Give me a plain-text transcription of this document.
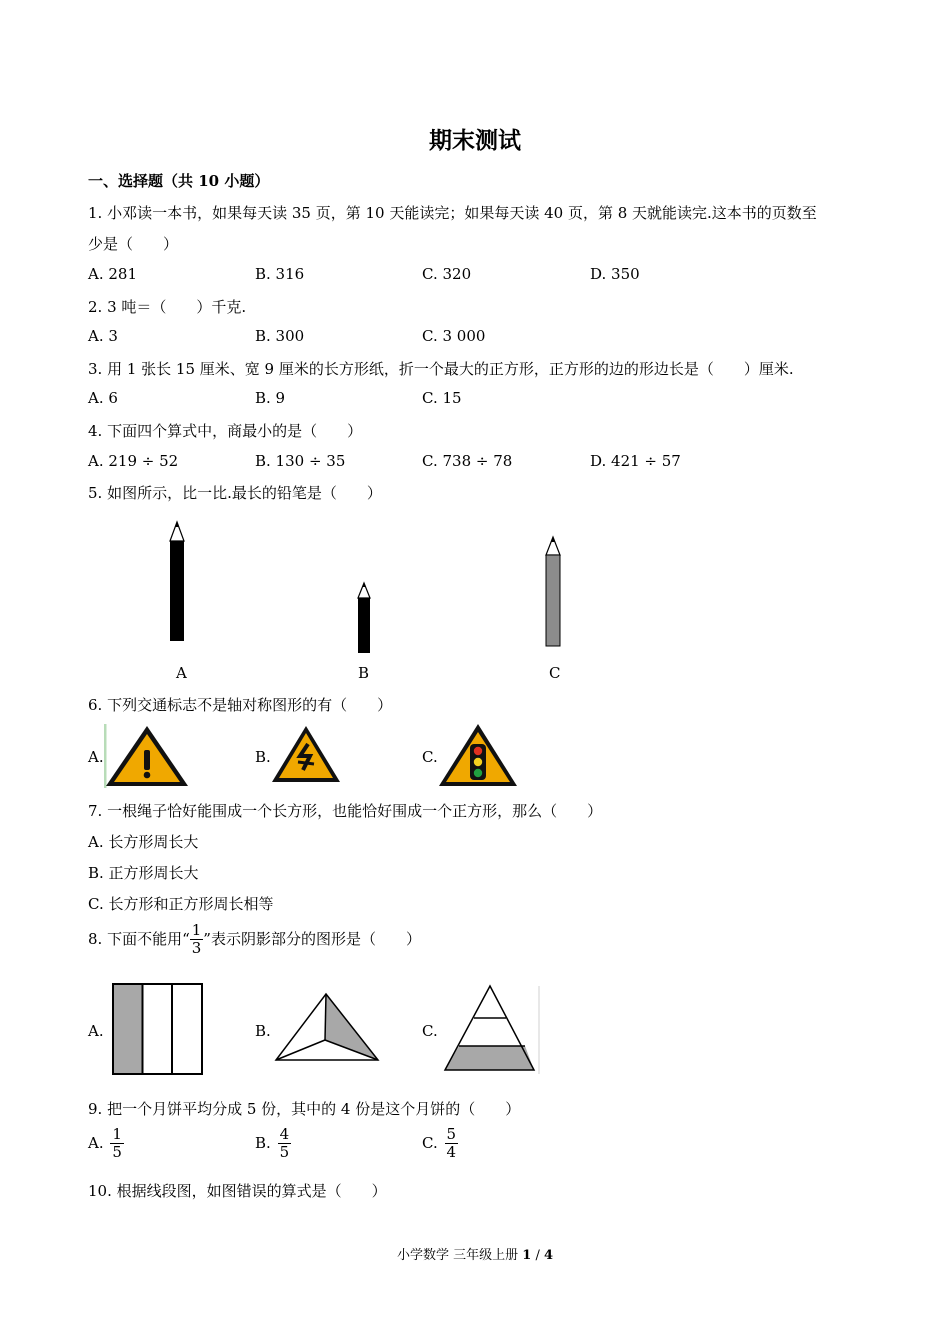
期末测试
一、选择题（共 10 小题）
1. 小邓读一本书，如果每天读 35 页，第 10 天能读完；如果每天读 40 页，第 8 天就能读完.这本书的页数至
少是（　　）
A. 281	B. 316	C. 320	D. 350
2. 3 吨＝（　　）千克.
A. 3	B. 300	C. 3 000
3. 用 1 张长 15 厘米、宽 9 厘米的长方形纸，折一个最大的正方形，正方形的边的形边长是（　　）厘米.
A. 6	B. 9	C. 15
4. 下面四个算式中，商最小的是（　　）
A. 219 ÷ 52	B. 130 ÷ 35	C. 738 ÷ 78	D. 421 ÷ 57
5. 如图所示，比一比.最长的铅笔是（　　）
A	B	C
6. 下列交通标志不是轴对称图形的有（　　）
A.	B.	C.
7. 一根绳子恰好能围成一个长方形，也能恰好围成一个正方形，那么（　　）
A. 长方形周长大
B. 正方形周长大
C. 长方形和正方形周长相等
8. 下面不能用“ $\frac{1}{3}$ ”表示阴影部分的图形是（　　）
A.	B.	C.
9. 把一个月饼平均分成 5 份，其中的 4 份是这个月饼的（　　）
A. $\frac{1}{5}$	B. $\frac{4}{5}$	C. $\frac{5}{4}$
10. 根据线段图，如图错误的算式是（　　）
小学数学 三年级上册 1 / 4
